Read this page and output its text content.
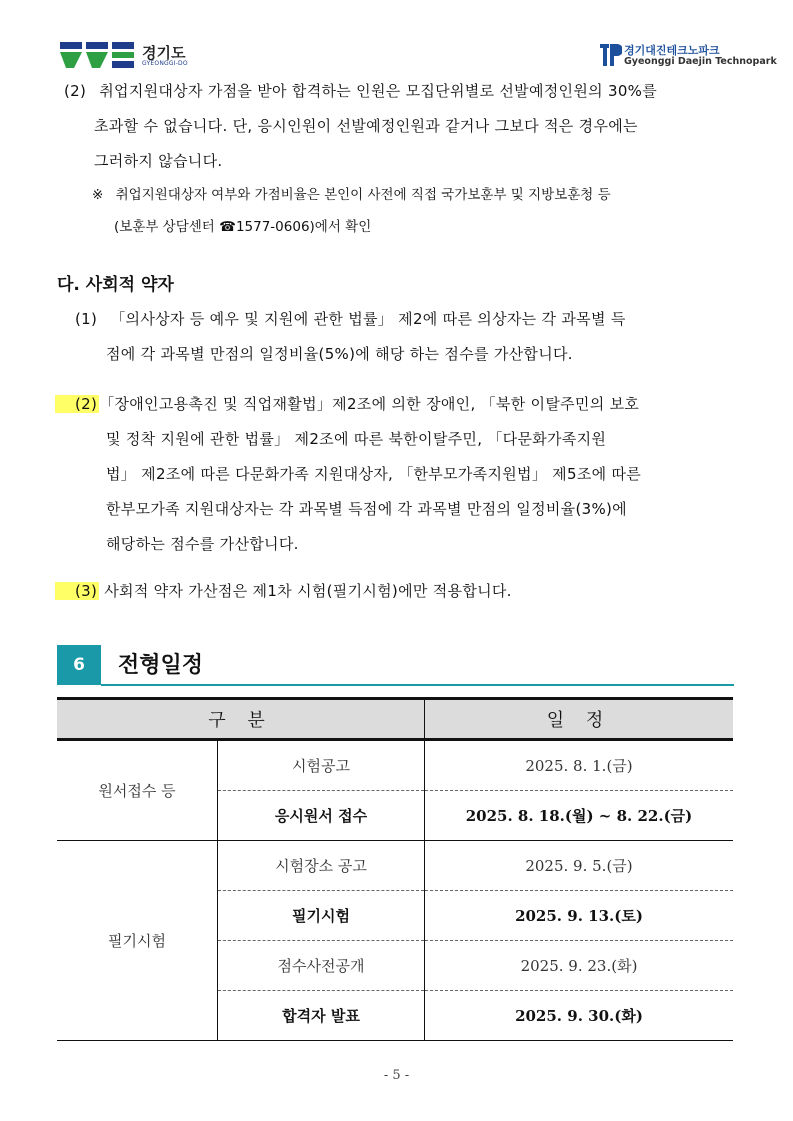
경기도
GYEONGGI-DO
경기대진테크노파크
Gyeonggi Daejin Technopark
(2) 취업지원대상자 가점을 받아 합격하는 인원은 모집단위별로 선발예정인원의 30%를
초과할 수 없습니다. 단, 응시인원이 선발예정인원과 같거나 그보다 적은 경우에는
그러하지 않습니다.
※ 취업지원대상자 여부와 가점비율은 본인이 사전에 직접 국가보훈부 및 지방보훈청 등
(보훈부 상담센터 ☎1577-0606)에서 확인
다. 사회적 약자
(1) 「의사상자 등 예우 및 지원에 관한 법률」 제2에 따른 의상자는 각 과목별 득
점에 각 과목별 만점의 일정비율(5%)에 해당 하는 점수를 가산합니다.
(2) 「장애인고용촉진 및 직업재활법」제2조에 의한 장애인, 「북한 이탈주민의 보호
및 정착 지원에 관한 법률」 제2조에 따른 북한이탈주민, 「다문화가족지원
법」 제2조에 따른 다문화가족 지원대상자, 「한부모가족지원법」 제5조에 따른
한부모가족 지원대상자는 각 과목별 득점에 각 과목별 만점의 일정비율(3%)에
해당하는 점수를 가산합니다.
(3) 사회적 약자 가산점은 제1차 시험(필기시험)에만 적용합니다.
6	전형일정
구 분		일 정
원서접수 등	시험공고	2025. 8. 1.(금)
	응시원서 접수	2025. 8. 18.(월) ~ 8. 22.(금)
필기시험	시험장소 공고	2025. 9. 5.(금)
	필기시험	2025. 9. 13.(토)
	점수사전공개	2025. 9. 23.(화)
	합격자 발표	2025. 9. 30.(화)
- 5 -
